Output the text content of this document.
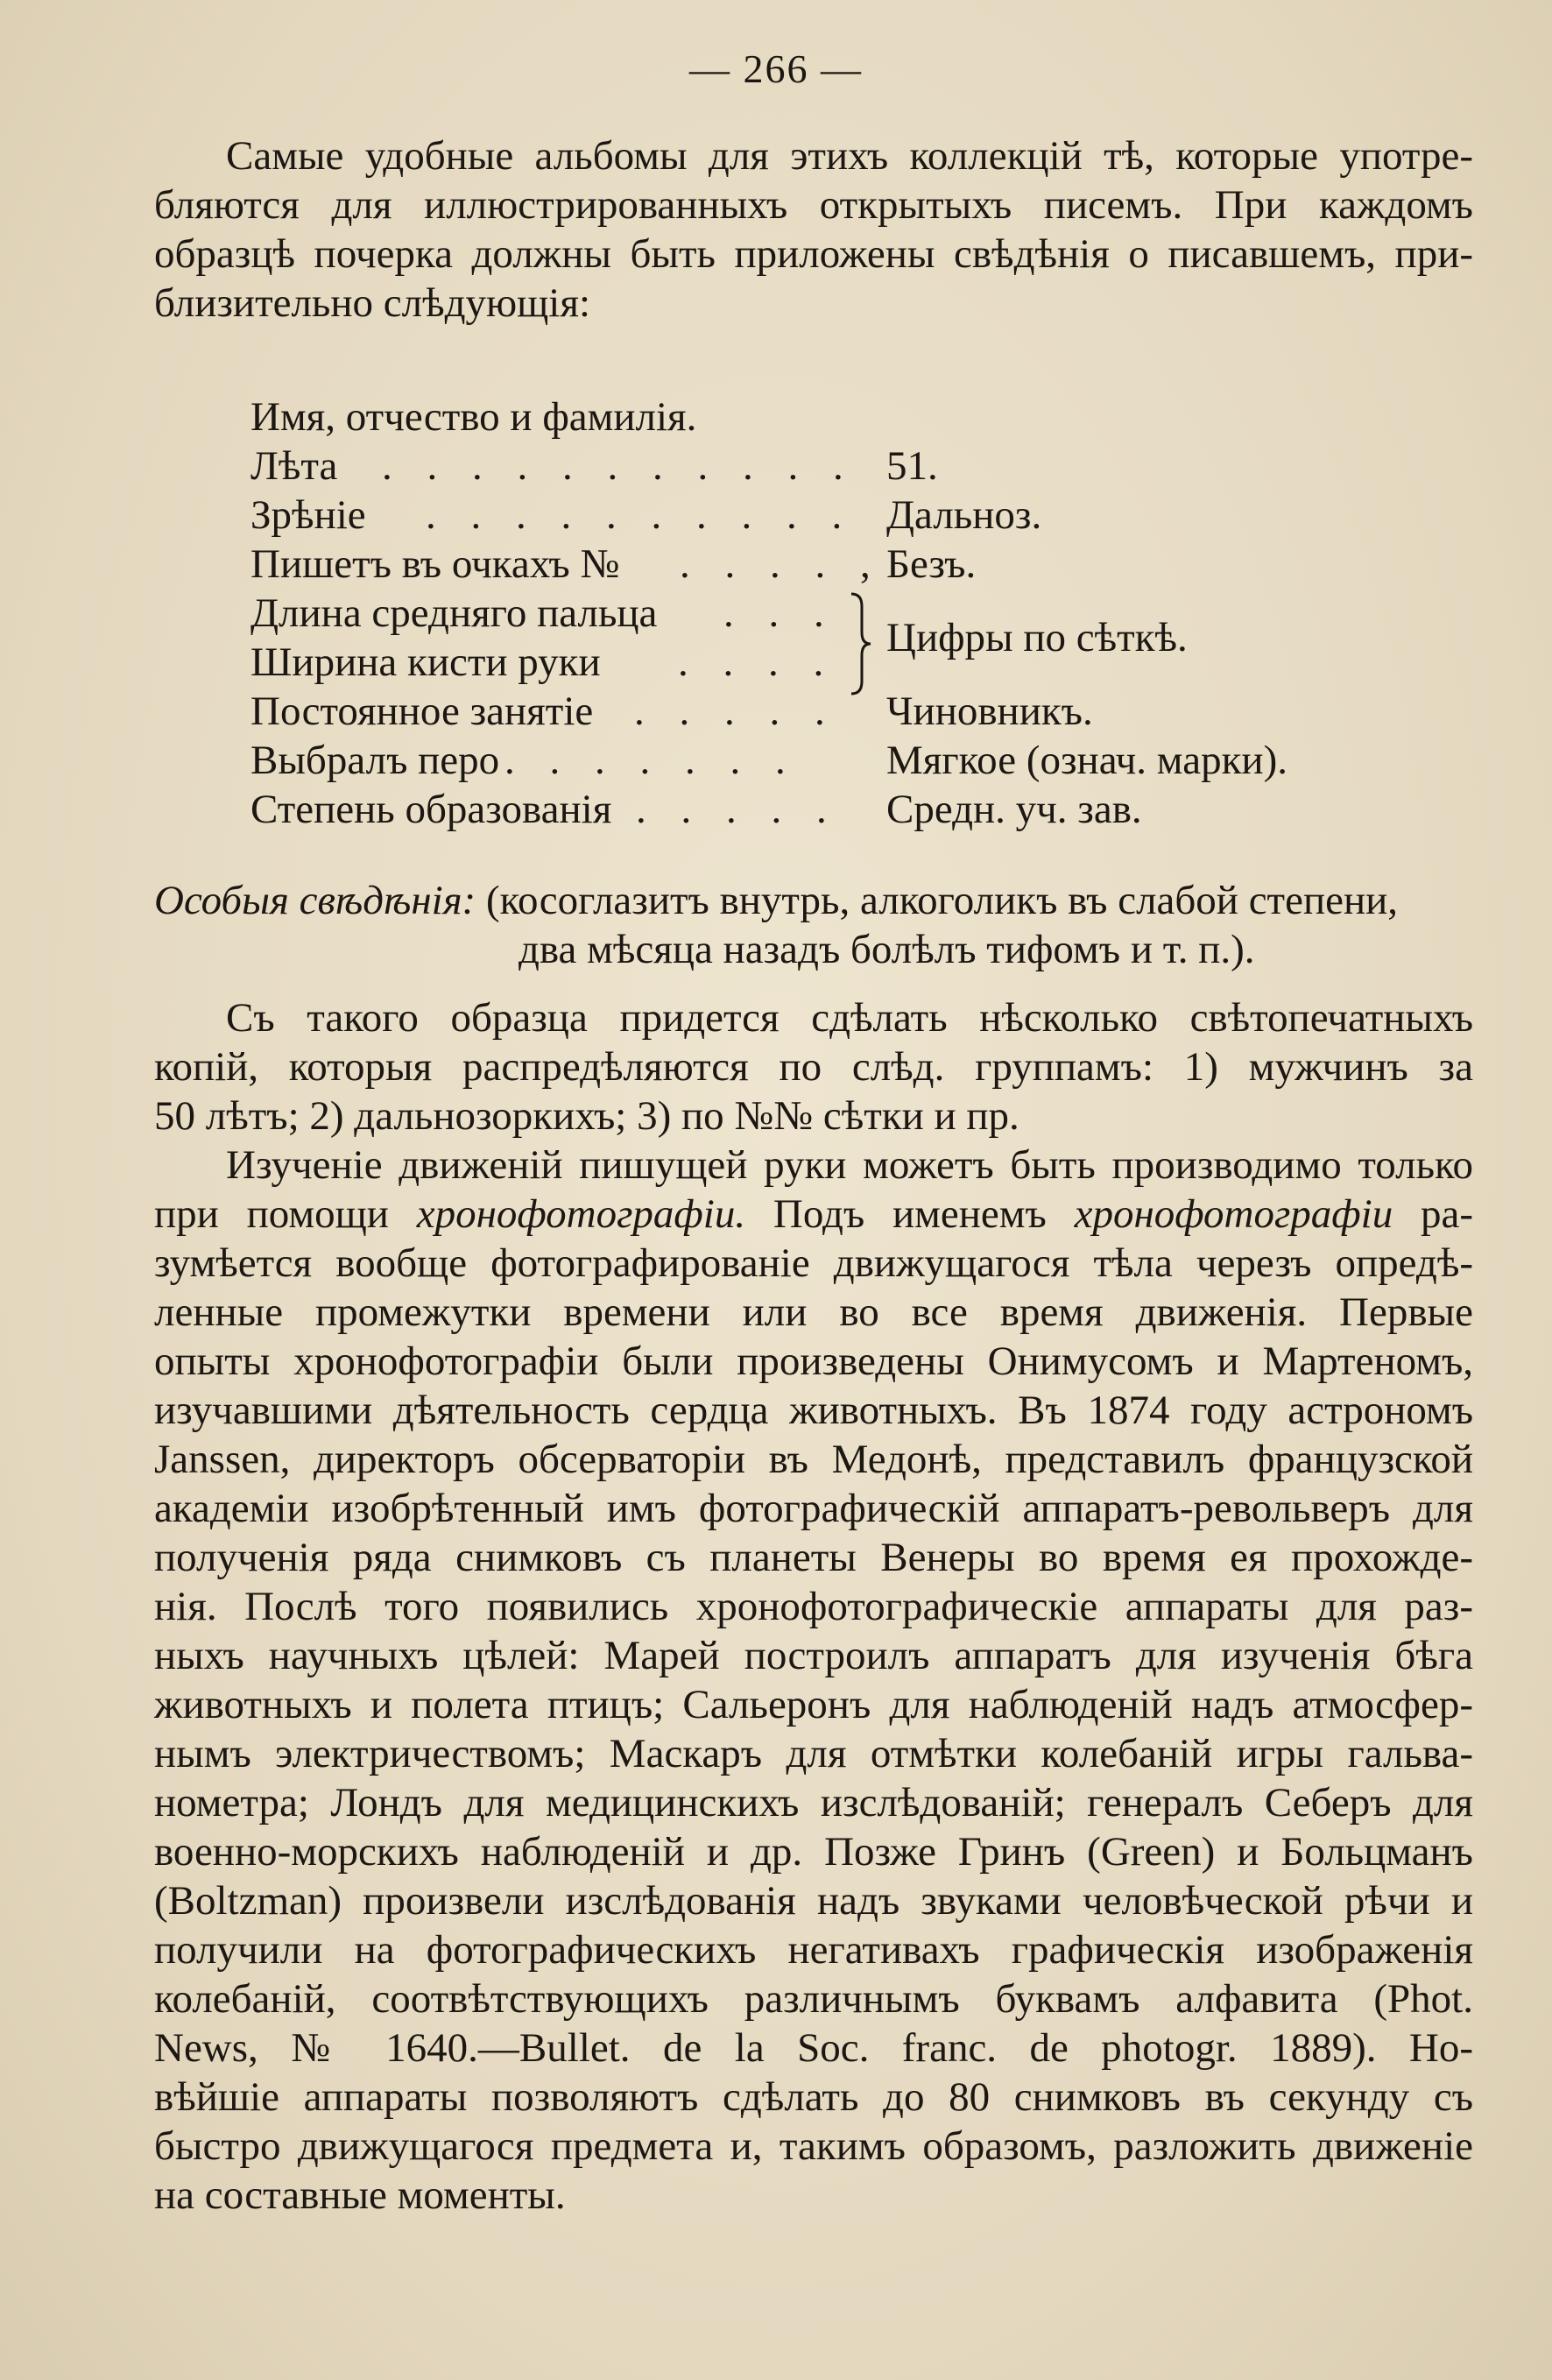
— 266 —
Самые удобные альбомы для этихъ коллекцій тѣ, которые употре-
бляются для иллюстрированныхъ открытыхъ писемъ. При каждомъ
образцѣ почерка должны быть приложены свѣдѣнія о писавшемъ, при-
близительно слѣдующія:
Имя, отчество и фамилія.
Лѣта . . . . . . . . . . . 51.
Зрѣніе . . . . . . . . . . Дальноз.
Пишетъ въ очкахъ № . . . . , Безъ.
Длина средняго пальца . . .
Ширина кисти руки . . . .
Цифры по сѣткѣ.
Постоянное занятіе . . . . . Чиновникъ.
Выбралъ перо . . . . . . . Мягкое (означ. марки).
Степень образованія . . . . . Средн. уч. зав.
Особыя свѣдѣнія: (косоглазитъ внутрь, алкоголикъ въ слабой степени,
два мѣсяца назадъ болѣлъ тифомъ и т. п.).
Съ такого образца придется сдѣлать нѣсколько свѣтопечатныхъ
копій, которыя распредѣляются по слѣд. группамъ: 1) мужчинъ за
50 лѣтъ; 2) дальнозоркихъ; 3) по №№ сѣтки и пр.
Изученіе движеній пишущей руки можетъ быть производимо только
при помощи хронофотографіи. Подъ именемъ хронофотографіи ра-
зумѣется вообще фотографированіе движущагося тѣла черезъ опредѣ-
ленные промежутки времени или во все время движенія. Первые
опыты хронофотографіи были произведены Онимусомъ и Мартеномъ,
изучавшими дѣятельность сердца животныхъ. Въ 1874 году астрономъ
Janssen, директоръ обсерваторіи въ Медонѣ, представилъ французской
академіи изобрѣтенный имъ фотографическій аппаратъ-револьверъ для
полученія ряда снимковъ съ планеты Венеры во время ея прохожде-
нія. Послѣ того появились хронофотографическіе аппараты для раз-
ныхъ научныхъ цѣлей: Марей построилъ аппаратъ для изученія бѣга
животныхъ и полета птицъ; Сальеронъ для наблюденій надъ атмосфер-
нымъ электричествомъ; Маскаръ для отмѣтки колебаній игры гальва-
нометра; Лондъ для медицинскихъ изслѣдованій; генералъ Себеръ для
военно-морскихъ наблюденій и др. Позже Гринъ (Green) и Больцманъ
(Boltzman) произвели изслѣдованія надъ звуками человѣческой рѣчи и
получили на фотографическихъ негативахъ графическія изображенія
колебаній, соотвѣтствующихъ различнымъ буквамъ алфавита (Phot.
News, № 1640.—Bullet. de la Soc. franc. de photogr. 1889). Но-
вѣйшіе аппараты позволяютъ сдѣлать до 80 снимковъ въ секунду съ
быстро движущагося предмета и, такимъ образомъ, разложить движеніе
на составные моменты.
